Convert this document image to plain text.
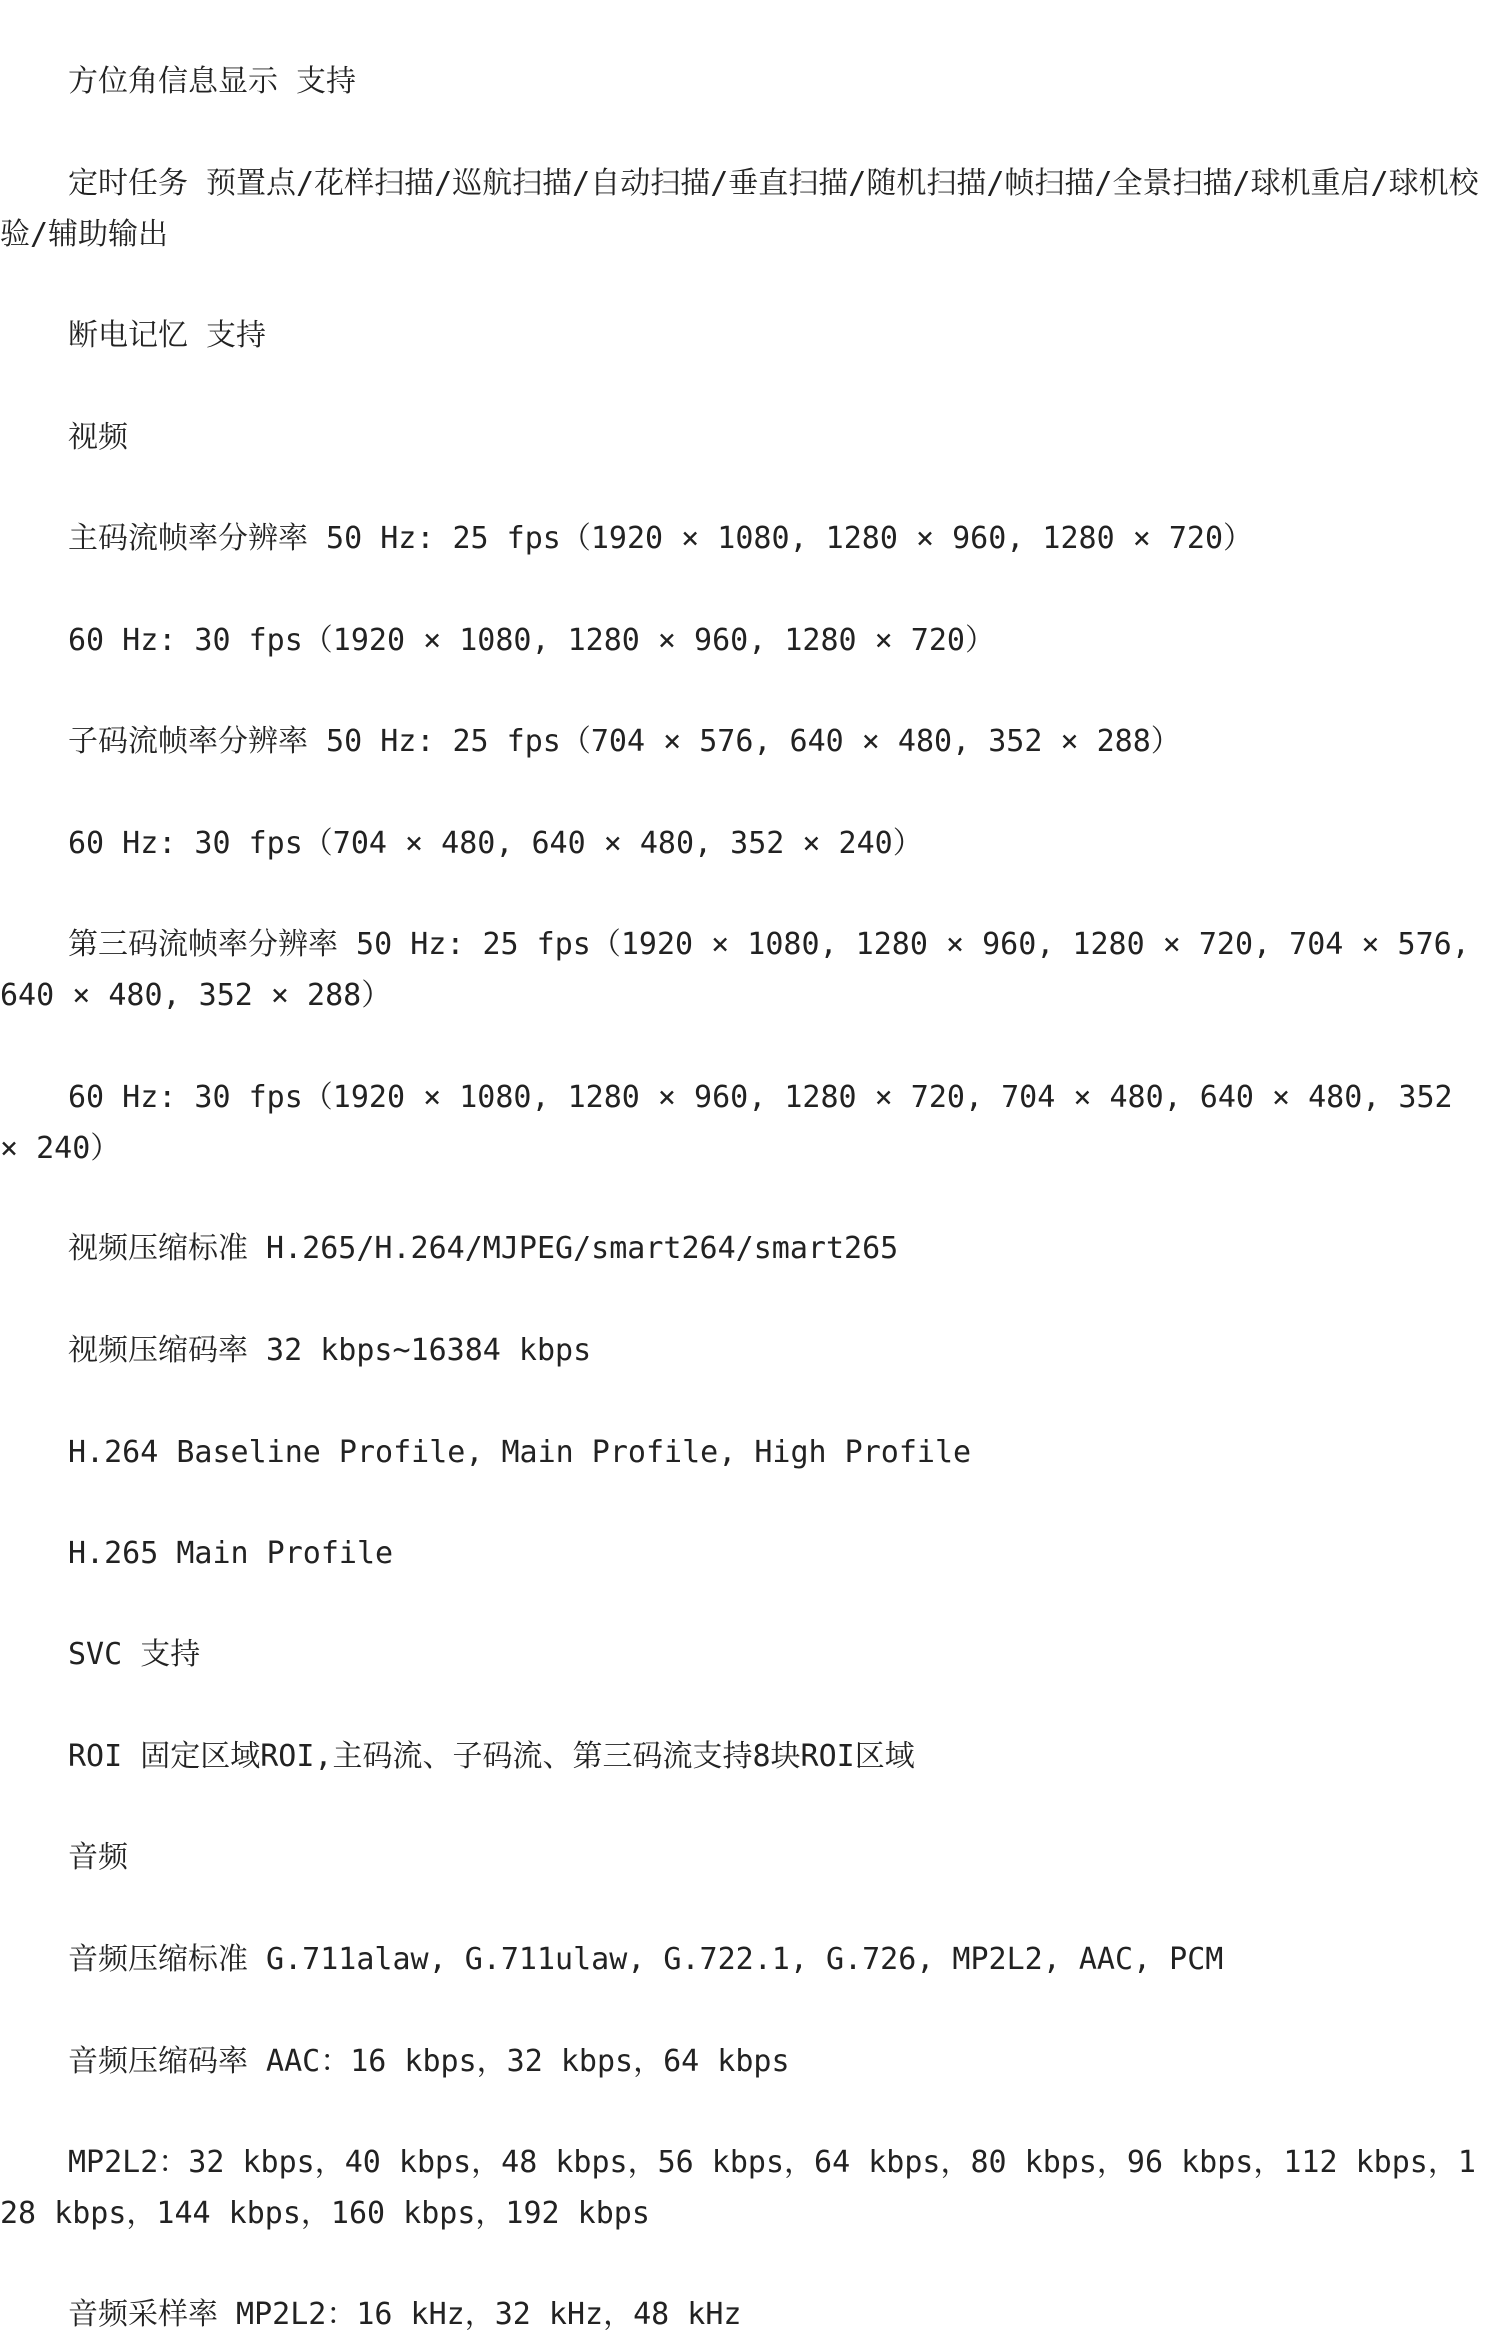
方位角信息显示 支持

定时任务 预置点/花样扫描/巡航扫描/自动扫描/垂直扫描/随机扫描/帧扫描/全景扫描/球机重启/球机校验/辅助输出

断电记忆 支持

视频

主码流帧率分辨率 50 Hz: 25 fps（1920 × 1080, 1280 × 960, 1280 × 720）

60 Hz: 30 fps（1920 × 1080, 1280 × 960, 1280 × 720）

子码流帧率分辨率 50 Hz: 25 fps（704 × 576, 640 × 480, 352 × 288）

60 Hz: 30 fps（704 × 480, 640 × 480, 352 × 240）

第三码流帧率分辨率 50 Hz: 25 fps（1920 × 1080, 1280 × 960, 1280 × 720, 704 × 576, 640 × 480, 352 × 288）

60 Hz: 30 fps（1920 × 1080, 1280 × 960, 1280 × 720, 704 × 480, 640 × 480, 352 × 240）

视频压缩标准 H.265/H.264/MJPEG/smart264/smart265

视频压缩码率 32 kbps~16384 kbps

H.264 Baseline Profile, Main Profile, High Profile

H.265 Main Profile

SVC 支持

ROI 固定区域ROI,主码流、子码流、第三码流支持8块ROI区域

音频

音频压缩标准 G.711alaw, G.711ulaw, G.722.1, G.726, MP2L2, AAC, PCM

音频压缩码率 AAC：16 kbps，32 kbps，64 kbps

MP2L2：32 kbps，40 kbps，48 kbps，56 kbps，64 kbps，80 kbps，96 kbps，112 kbps，128 kbps，144 kbps，160 kbps，192 kbps

音频采样率 MP2L2：16 kHz，32 kHz，48 kHz
